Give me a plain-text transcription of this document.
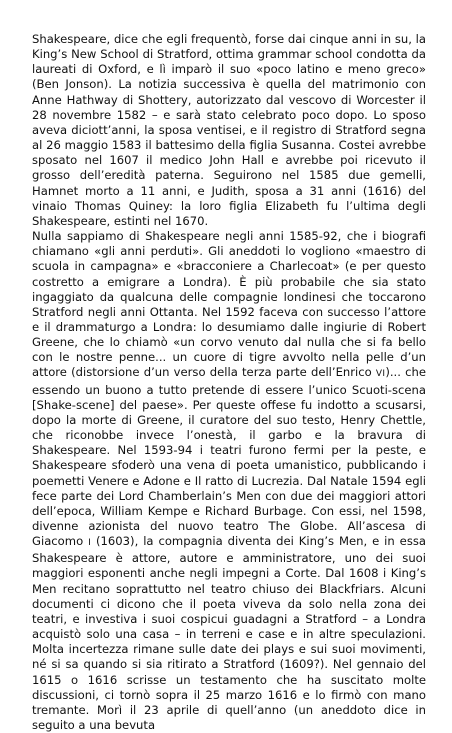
Shakespeare, dice che egli frequentò, forse dai cinque anni in su, la King’s New School di Stratford, ottima grammar school condotta da laureati di Oxford, e lì imparò il suo «poco latino e meno greco» (Ben Jonson). La notizia successiva è quella del matrimonio con Anne Hathway di Shottery, autorizzato dal vescovo di Worcester il 28 novembre 1582 – e sarà stato celebrato poco dopo. Lo sposo aveva diciott’anni, la sposa ventisei, e il registro di Stratford segna al 26 maggio 1583 il battesimo della figlia Susanna. Costei avrebbe sposato nel 1607 il medico John Hall e avrebbe poi ricevuto il grosso dell’eredità paterna. Seguirono nel 1585 due gemelli, Hamnet morto a 11 anni, e Judith, sposa a 31 anni (1616) del vinaio Thomas Quiney: la loro figlia Elizabeth fu l’ultima degli Shakespeare, estinti nel 1670.

Nulla sappiamo di Shakespeare negli anni 1585-92, che i biografi chiamano «gli anni perduti». Gli aneddoti lo vogliono «maestro di scuola in campagna» e «bracconiere a Charlecoat» (e per questo costretto a emigrare a Londra). È più probabile che sia stato ingaggiato da qualcuna delle compagnie londinesi che toccarono Stratford negli anni Ottanta. Nel 1592 faceva con successo l’attore e il drammaturgo a Londra: lo desumiamo dalle ingiurie di Robert Greene, che lo chiamò «un corvo venuto dal nulla che si fa bello con le nostre penne... un cuore di tigre avvolto nella pelle d’un attore (distorsione d’un verso della terza parte dell’Enrico VI)... che essendo un buono a tutto pretende di essere l’unico Scuoti-scena [Shake-scene] del paese». Per queste offese fu indotto a scusarsi, dopo la morte di Greene, il curatore del suo testo, Henry Chettle, che riconobbe invece l’onestà, il garbo e la bravura di Shakespeare. Nel 1593-94 i teatri furono fermi per la peste, e Shakespeare sfoderò una vena di poeta umanistico, pubblicando i poemetti Venere e Adone e Il ratto di Lucrezia. Dal Natale 1594 egli fece parte dei Lord Chamberlain’s Men con due dei maggiori attori dell’epoca, William Kempe e Richard Burbage. Con essi, nel 1598, divenne azionista del nuovo teatro The Globe. All’ascesa di Giacomo I (1603), la compagnia diventa dei King’s Men, e in essa Shakespeare è attore, autore e amministratore, uno dei suoi maggiori esponenti anche negli impegni a Corte. Dal 1608 i King’s Men recitano soprattutto nel teatro chiuso dei Blackfriars. Alcuni documenti ci dicono che il poeta viveva da solo nella zona dei teatri, e investiva i suoi cospicui guadagni a Stratford – a Londra acquistò solo una casa – in terreni e case e in altre speculazioni. Molta incertezza rimane sulle date dei plays e sui suoi movimenti, né si sa quando si sia ritirato a Stratford (1609?). Nel gennaio del 1615 o 1616 scrisse un testamento che ha suscitato molte discussioni, ci tornò sopra il 25 marzo 1616 e lo firmò con mano tremante. Morì il 23 aprile di quell’anno (un aneddoto dice in seguito a una bevuta
